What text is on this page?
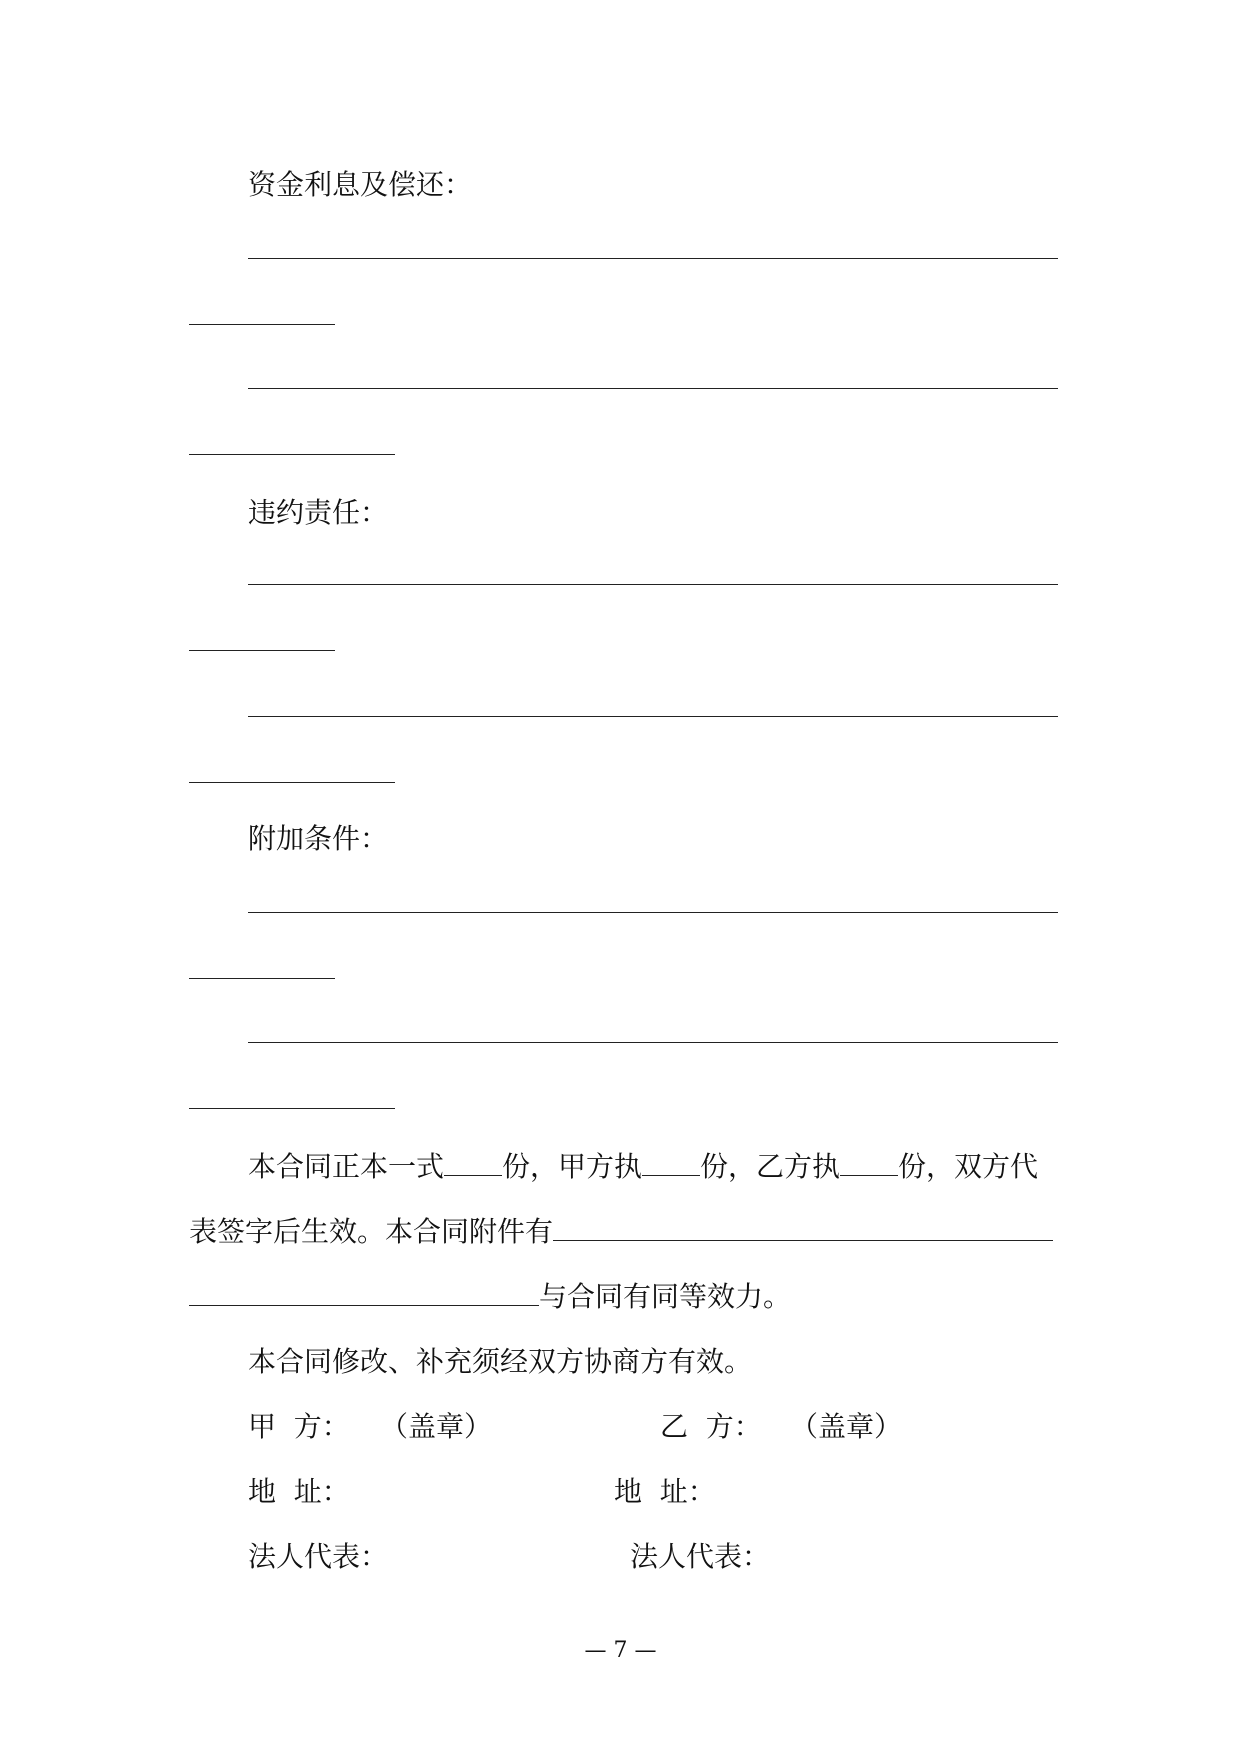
资金利息及偿还：
违约责任：
附加条件：
本合同正本一式 份，甲方执 份，乙方执 份，双方代
表签字后生效。本合同附件有
与合同有同等效力。
本合同修改、补充须经双方协商方有效。
甲  方： （盖章）	乙  方： （盖章）
地  址：	地  址：
法人代表：	法人代表：
— 7 —
